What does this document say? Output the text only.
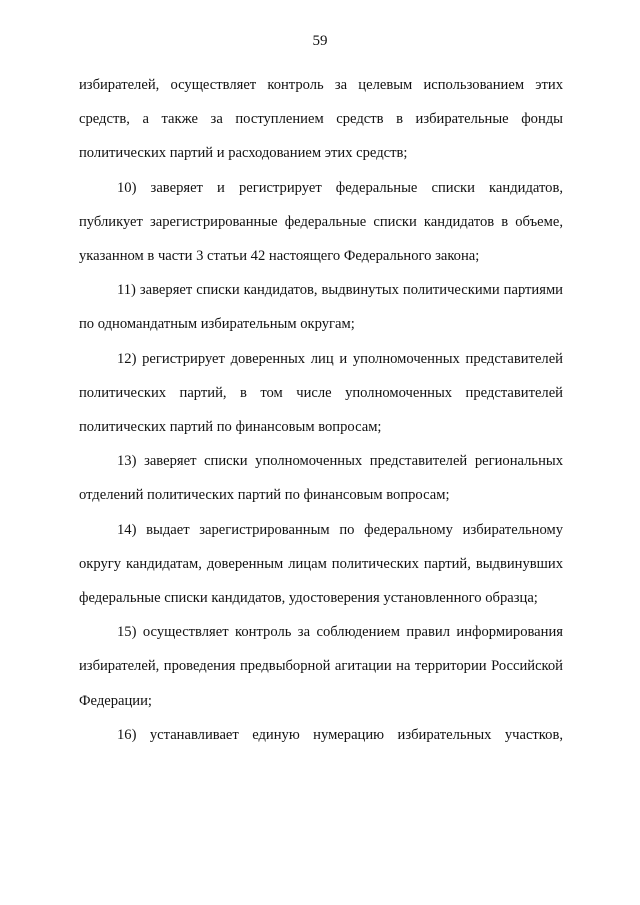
59

избирателей, осуществляет контроль за целевым использованием этих средств, а также за поступлением средств в избирательные фонды политических партий и расходованием этих средств;

10) заверяет и регистрирует федеральные списки кандидатов, публикует зарегистрированные федеральные списки кандидатов в объеме, указанном в части 3 статьи 42 настоящего Федерального закона;

11) заверяет списки кандидатов, выдвинутых политическими партиями по одномандатным избирательным округам;

12) регистрирует доверенных лиц и уполномоченных представителей политических партий, в том числе уполномоченных представителей политических партий по финансовым вопросам;

13) заверяет списки уполномоченных представителей региональных отделений политических партий по финансовым вопросам;

14) выдает зарегистрированным по федеральному избирательному округу кандидатам, доверенным лицам политических партий, выдвинувших федеральные списки кандидатов, удостоверения установленного образца;

15) осуществляет контроль за соблюдением правил информирования избирателей, проведения предвыборной агитации на территории Российской Федерации;

16) устанавливает единую нумерацию избирательных участков,
